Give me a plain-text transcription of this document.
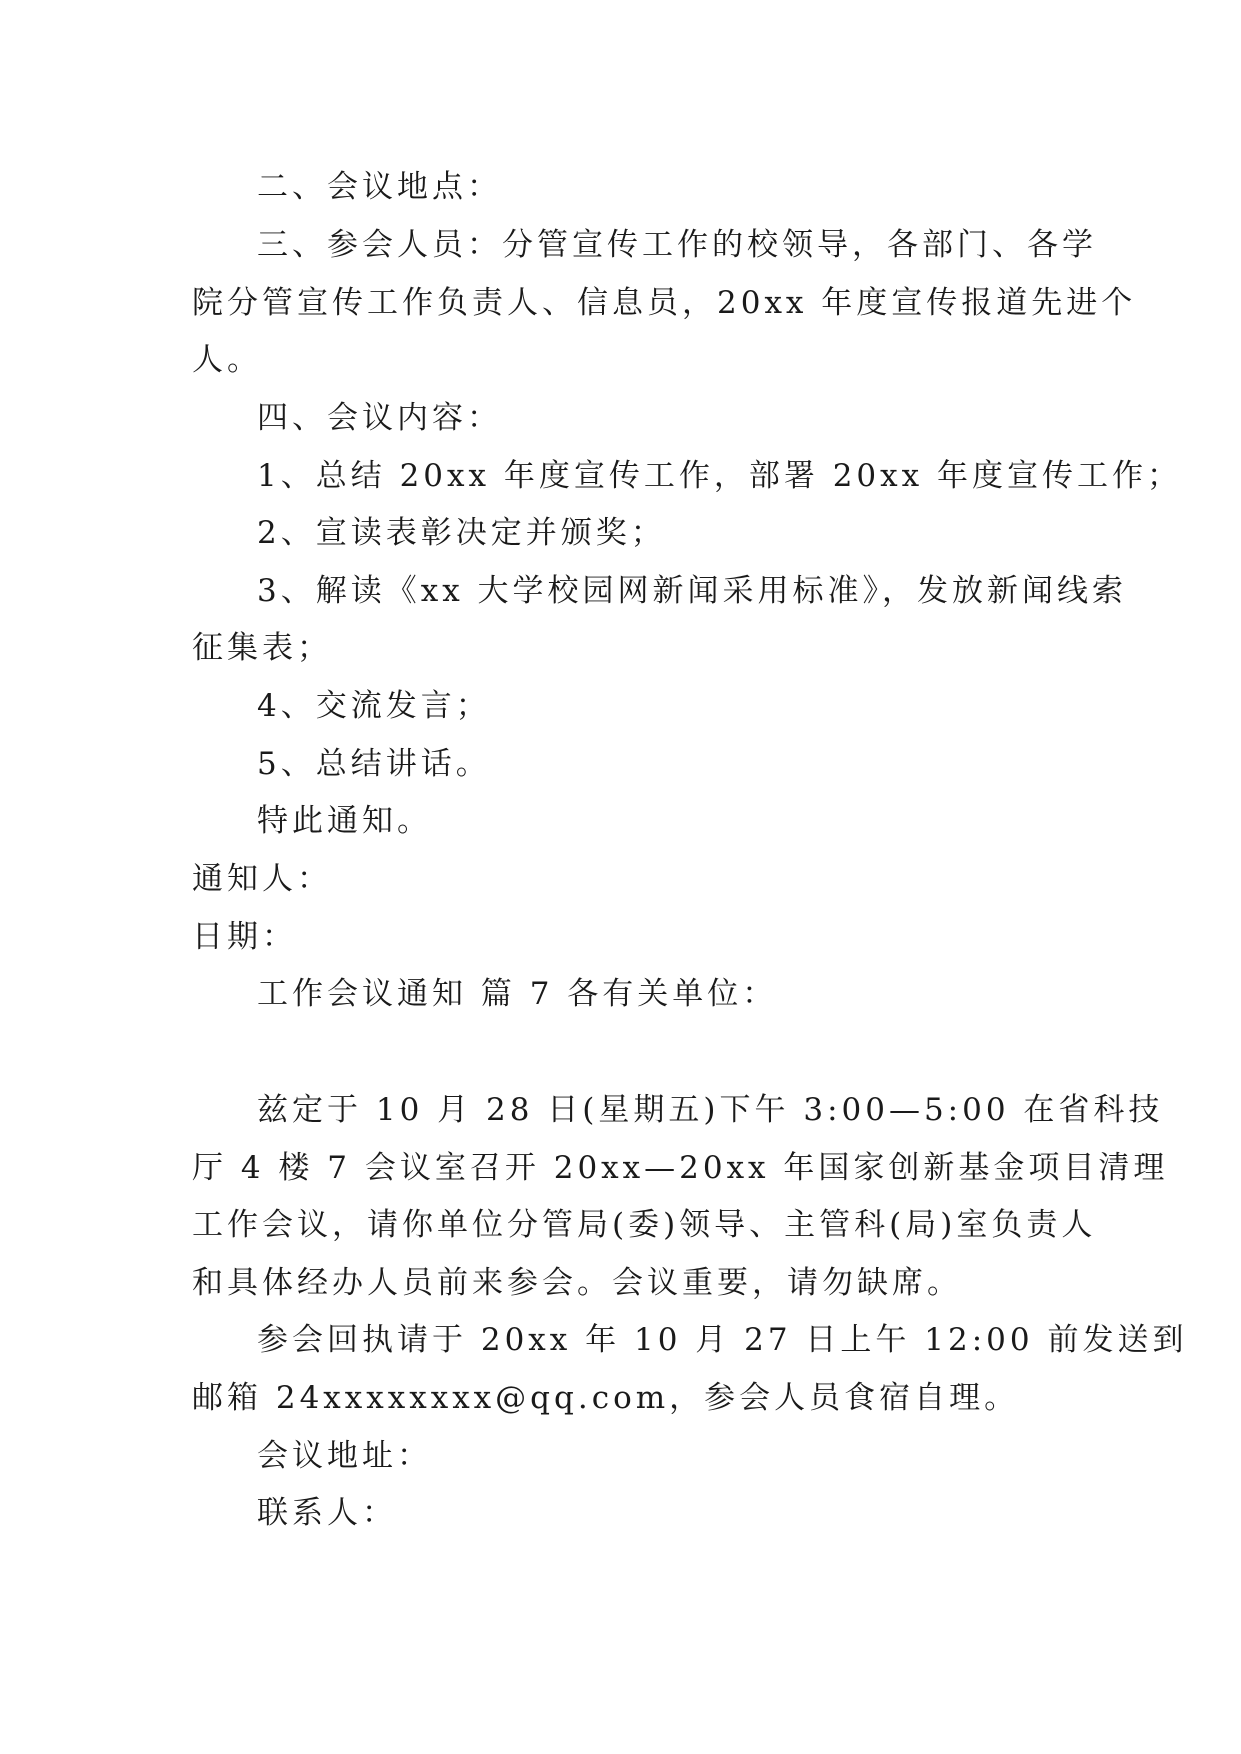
二、会议地点：
三、参会人员：分管宣传工作的校领导，各部门、各学
院分管宣传工作负责人、信息员，20xx 年度宣传报道先进个
人。
四、会议内容：
1、总结 20xx 年度宣传工作，部署 20xx 年度宣传工作；
2、宣读表彰决定并颁奖；
3、解读《xx 大学校园网新闻采用标准》，发放新闻线索
征集表；
4、交流发言；
5、总结讲话。
特此通知。
通知人：
日期：
工作会议通知 篇 7 各有关单位：
兹定于 10 月 28 日(星期五)下午 3:00—5:00 在省科技
厅 4 楼 7 会议室召开 20xx—20xx 年国家创新基金项目清理
工作会议，请你单位分管局(委)领导、主管科(局)室负责人
和具体经办人员前来参会。会议重要，请勿缺席。
参会回执请于 20xx 年 10 月 27 日上午 12:00 前发送到
邮箱 24xxxxxxxx@qq.com，参会人员食宿自理。
会议地址：
联系人：
